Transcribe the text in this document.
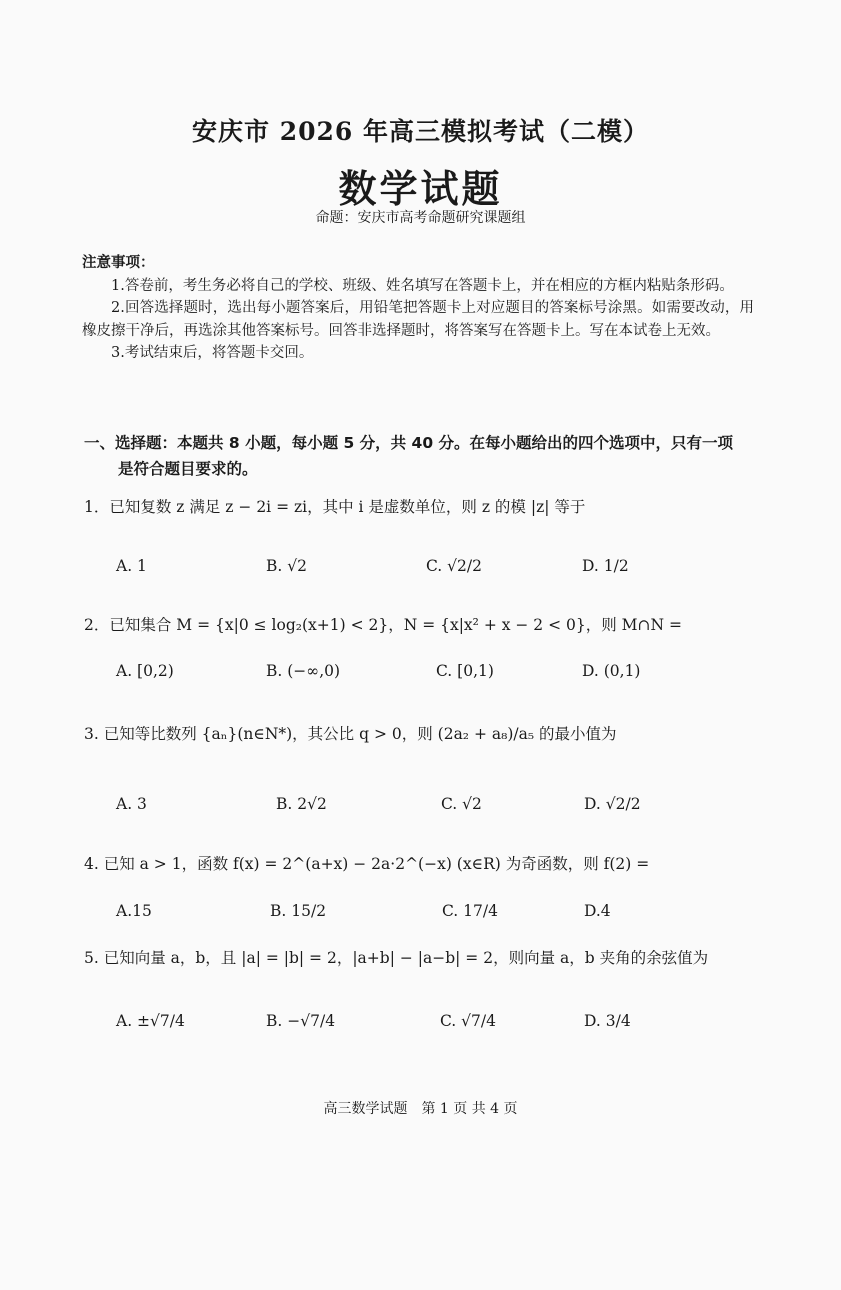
安庆市 2026 年高三模拟考试（二模）
数学试题
命题：安庆市高考命题研究课题组
注意事项：

1.答卷前，考生务必将自己的学校、班级、姓名填写在答题卡上，并在相应的方框内粘贴条形码。

2.回答选择题时，选出每小题答案后，用铅笔把答题卡上对应题目的答案标号涂黑。如需要改动，用橡皮擦干净后，再选涂其他答案标号。回答非选择题时，将答案写在答题卡上。写在本试卷上无效。

3.考试结束后，将答题卡交回。

一、选择题：本题共 8 小题，每小题 5 分，共 40 分。在每小题给出的四个选项中，只有一项
是符合题目要求的。
1．已知复数 z 满足 z − 2i = zi，其中 i 是虚数单位，则 z 的模 |z| 等于
A. 1	B. √2	C. √2/2	D. 1/2
2．已知集合 M = {x|0 ≤ log₂(x+1) < 2}，N = {x|x² + x − 2 < 0}，则 M∩N =
A. [0,2)	B. (−∞,0)	C. [0,1)	D. (0,1)
3. 已知等比数列 {aₙ}(n∈N*)，其公比 q > 0，则 (2a₂ + a₈)/a₅ 的最小值为
A. 3	B. 2√2	C. √2	D. √2/2
4. 已知 a > 1，函数 f(x) = 2^(a+x) − 2a·2^(−x) (x∈R) 为奇函数，则 f(2) =
A.15	B. 15/2	C. 17/4	D.4
5. 已知向量 a，b，且 |a| = |b| = 2，|a+b| − |a−b| = 2，则向量 a，b 夹角的余弦值为
A. ±√7/4	B. −√7/4	C. √7/4	D. 3/4
高三数学试题　第 1 页 共 4 页
